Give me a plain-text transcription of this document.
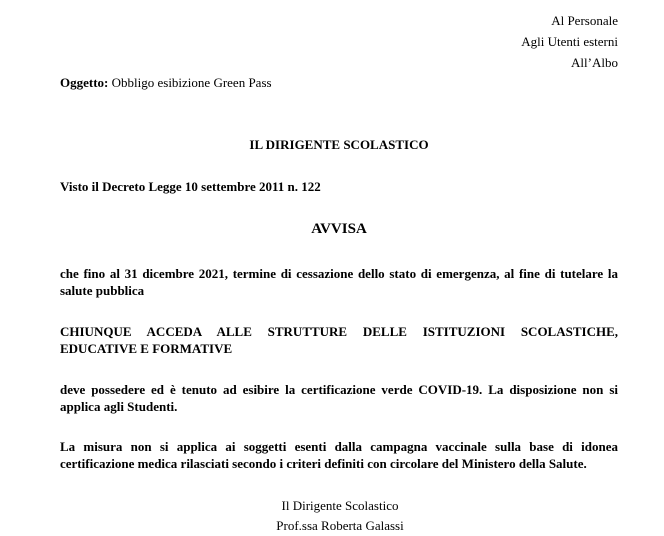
Al Personale
Agli Utenti esterni
All’Albo
Oggetto: Obbligo esibizione Green Pass
IL DIRIGENTE SCOLASTICO
Visto il Decreto Legge 10 settembre 2011 n. 122
AVVISA
che fino al 31 dicembre 2021, termine di cessazione dello stato di emergenza, al fine di tutelare la salute pubblica
CHIUNQUE ACCEDA ALLE STRUTTURE DELLE ISTITUZIONI SCOLASTICHE, EDUCATIVE E FORMATIVE
deve possedere ed è tenuto ad esibire la certificazione verde COVID-19. La disposizione non si applica agli Studenti.
La misura non si applica ai soggetti esenti dalla campagna vaccinale sulla base di idonea certificazione medica rilasciati secondo i criteri definiti con circolare del Ministero della Salute.
Il Dirigente Scolastico
Prof.ssa Roberta Galassi
